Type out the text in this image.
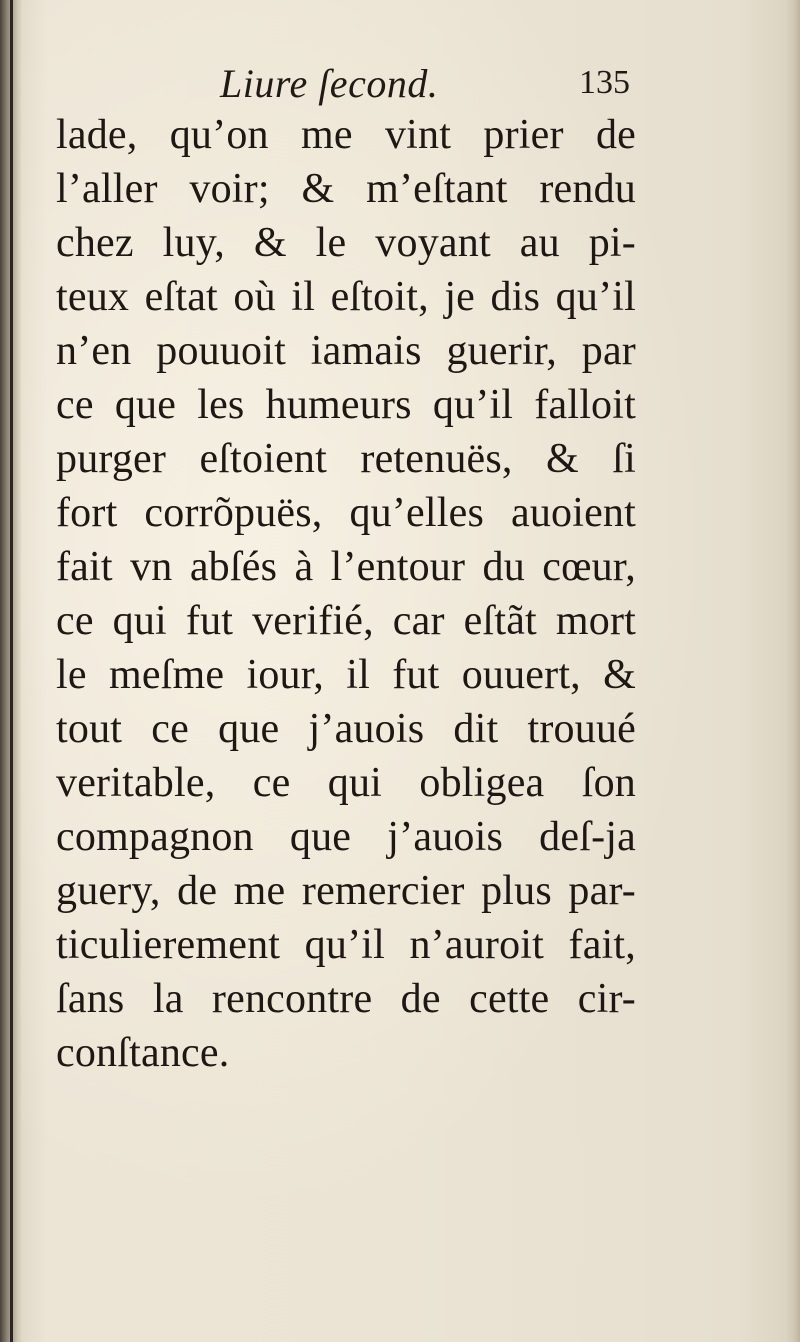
Liure ſecond.	135
lade, qu’on me vint prier de
l’aller voir; & m’eſtant rendu
chez luy, & le voyant au pi-
teux eſtat où il eſtoit, je dis qu’il
n’en pouuoit iamais guerir, par
ce que les humeurs qu’il falloit
purger eſtoient retenuës, & ſi
fort corrõpuës, qu’elles auoient
fait vn abſés à l’entour du cœur,
ce qui fut verifié, car eſtãt mort
le meſme iour, il fut ouuert, &
tout ce que j’auois dit trouué
veritable, ce qui obligea ſon
compagnon que j’auois deſ-ja
guery, de me remercier plus par-
ticulierement qu’il n’auroit fait,
ſans la rencontre de cette cir-
conſtance.
